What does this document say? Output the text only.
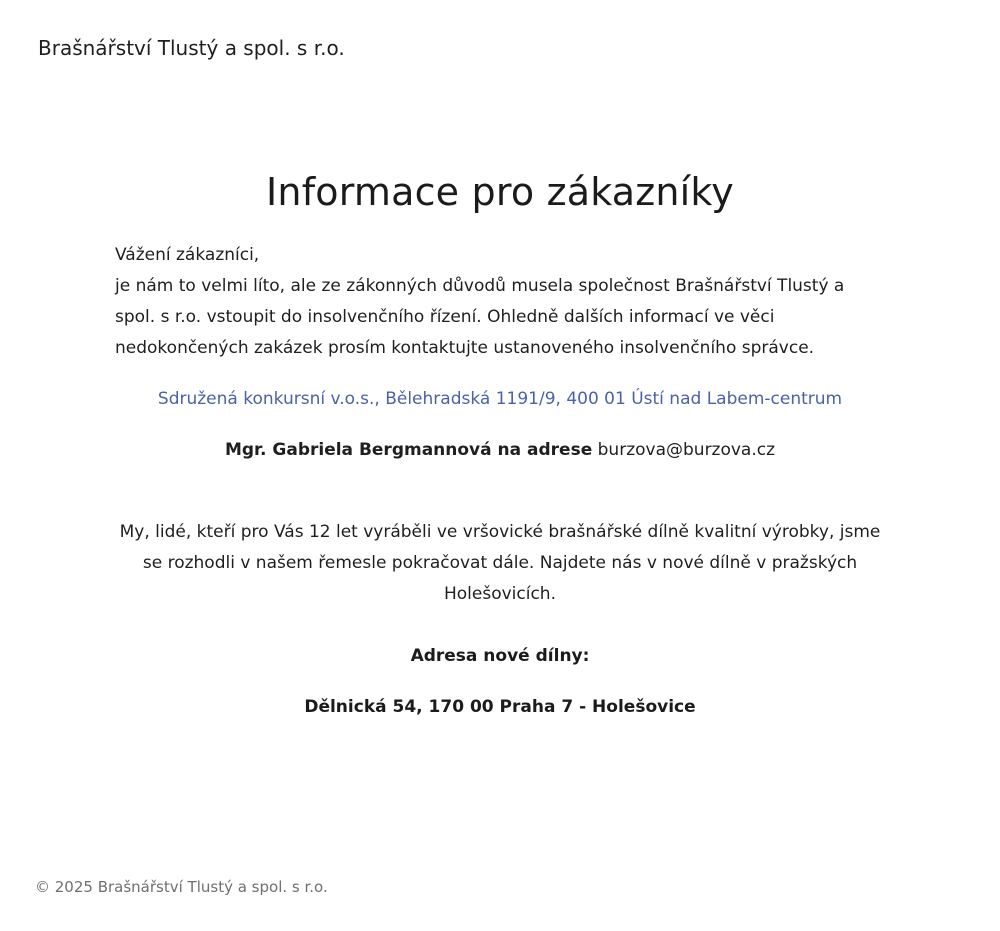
Brašnářství Tlustý a spol. s r.o.
Informace pro zákazníky

Vážení zákazníci,
je nám to velmi líto, ale ze zákonných důvodů musela společnost Brašnářství Tlustý a spol. s r.o. vstoupit do insolvenčního řízení. Ohledně dalších informací ve věci nedokončených zakázek prosím kontaktujte ustanoveného insolvenčního správce.

Sdružená konkursní v.o.s., Bělehradská 1191/9, 400 01 Ústí nad Labem-centrum
Mgr. Gabriela Bergmannová na adrese burzova@burzova.cz

My, lidé, kteří pro Vás 12 let vyráběli ve vršovické brašnářské dílně kvalitní výrobky, jsme se rozhodli v našem řemesle pokračovat dále. Najdete nás v nové dílně v pražských Holešovicích.

Adresa nové dílny:
Dělnická 54, 170 00 Praha 7 - Holešovice
© 2025 Brašnářství Tlustý a spol. s r.o.
